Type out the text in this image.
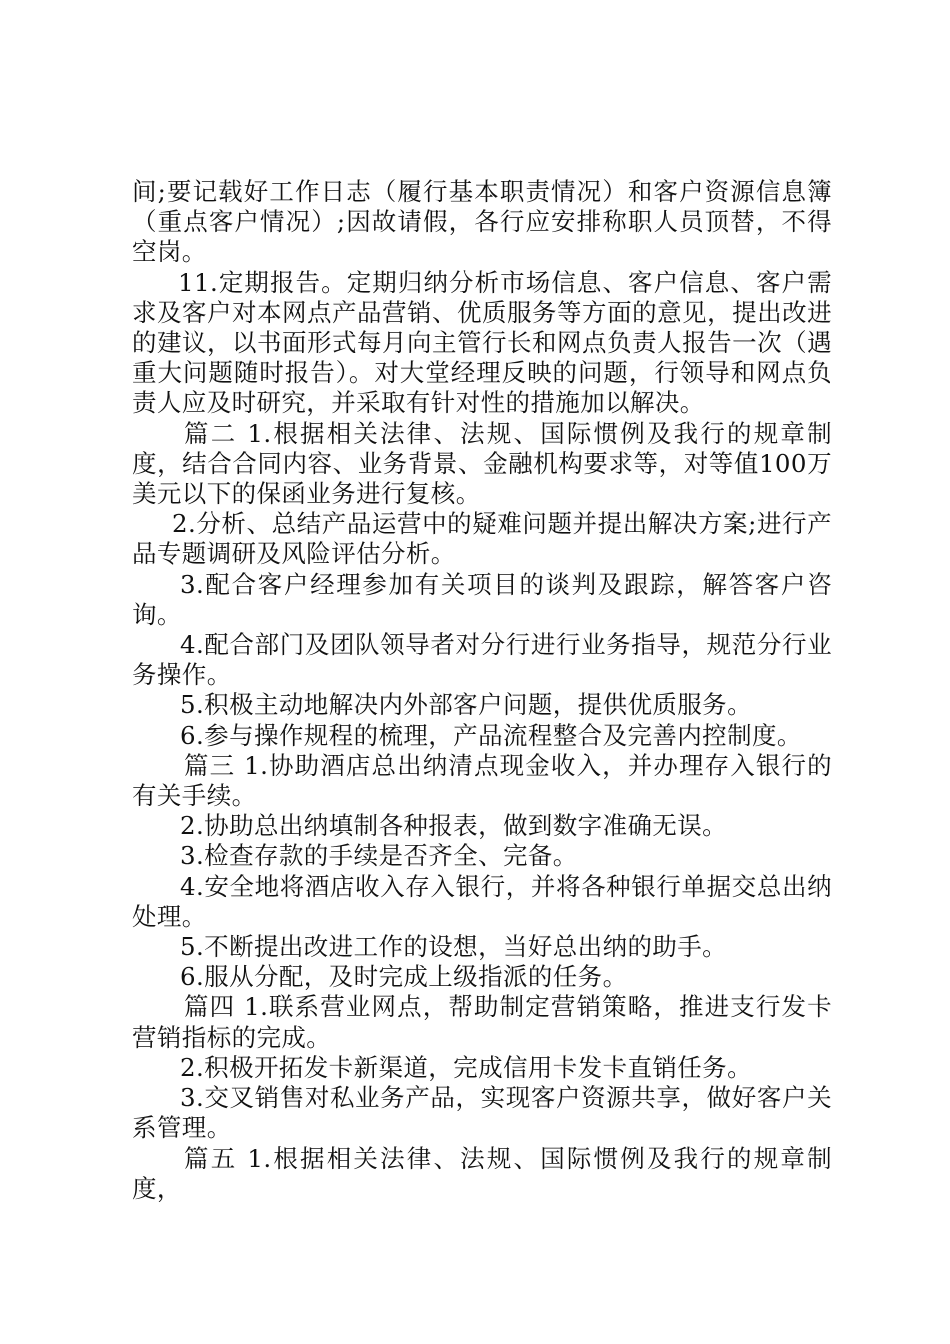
间;要记载好工作日志（履行基本职责情况）和客户资源信息簿（重点客户情况）;因故请假，各行应安排称职人员顶替，不得空岗。

11.定期报告。定期归纳分析市场信息、客户信息、客户需求及客户对本网点产品营销、优质服务等方面的意见，提出改进的建议，以书面形式每月向主管行长和网点负责人报告一次（遇重大问题随时报告）。对大堂经理反映的问题，行领导和网点负责人应及时研究，并采取有针对性的措施加以解决。

篇二 1.根据相关法律、法规、国际惯例及我行的规章制度，结合合同内容、业务背景、金融机构要求等，对等值100万美元以下的保函业务进行复核。

2.分析、总结产品运营中的疑难问题并提出解决方案;进行产品专题调研及风险评估分析。

3.配合客户经理参加有关项目的谈判及跟踪，解答客户咨询。

4.配合部门及团队领导者对分行进行业务指导，规范分行业务操作。

5.积极主动地解决内外部客户问题，提供优质服务。

6.参与操作规程的梳理，产品流程整合及完善内控制度。

篇三 1.协助酒店总出纳清点现金收入，并办理存入银行的有关手续。

2.协助总出纳填制各种报表，做到数字准确无误。

3.检查存款的手续是否齐全、完备。

4.安全地将酒店收入存入银行，并将各种银行单据交总出纳处理。

5.不断提出改进工作的设想，当好总出纳的助手。

6.服从分配，及时完成上级指派的任务。

篇四 1.联系营业网点，帮助制定营销策略，推进支行发卡营销指标的完成。

2.积极开拓发卡新渠道，完成信用卡发卡直销任务。

3.交叉销售对私业务产品，实现客户资源共享，做好客户关系管理。

篇五 1.根据相关法律、法规、国际惯例及我行的规章制度，
